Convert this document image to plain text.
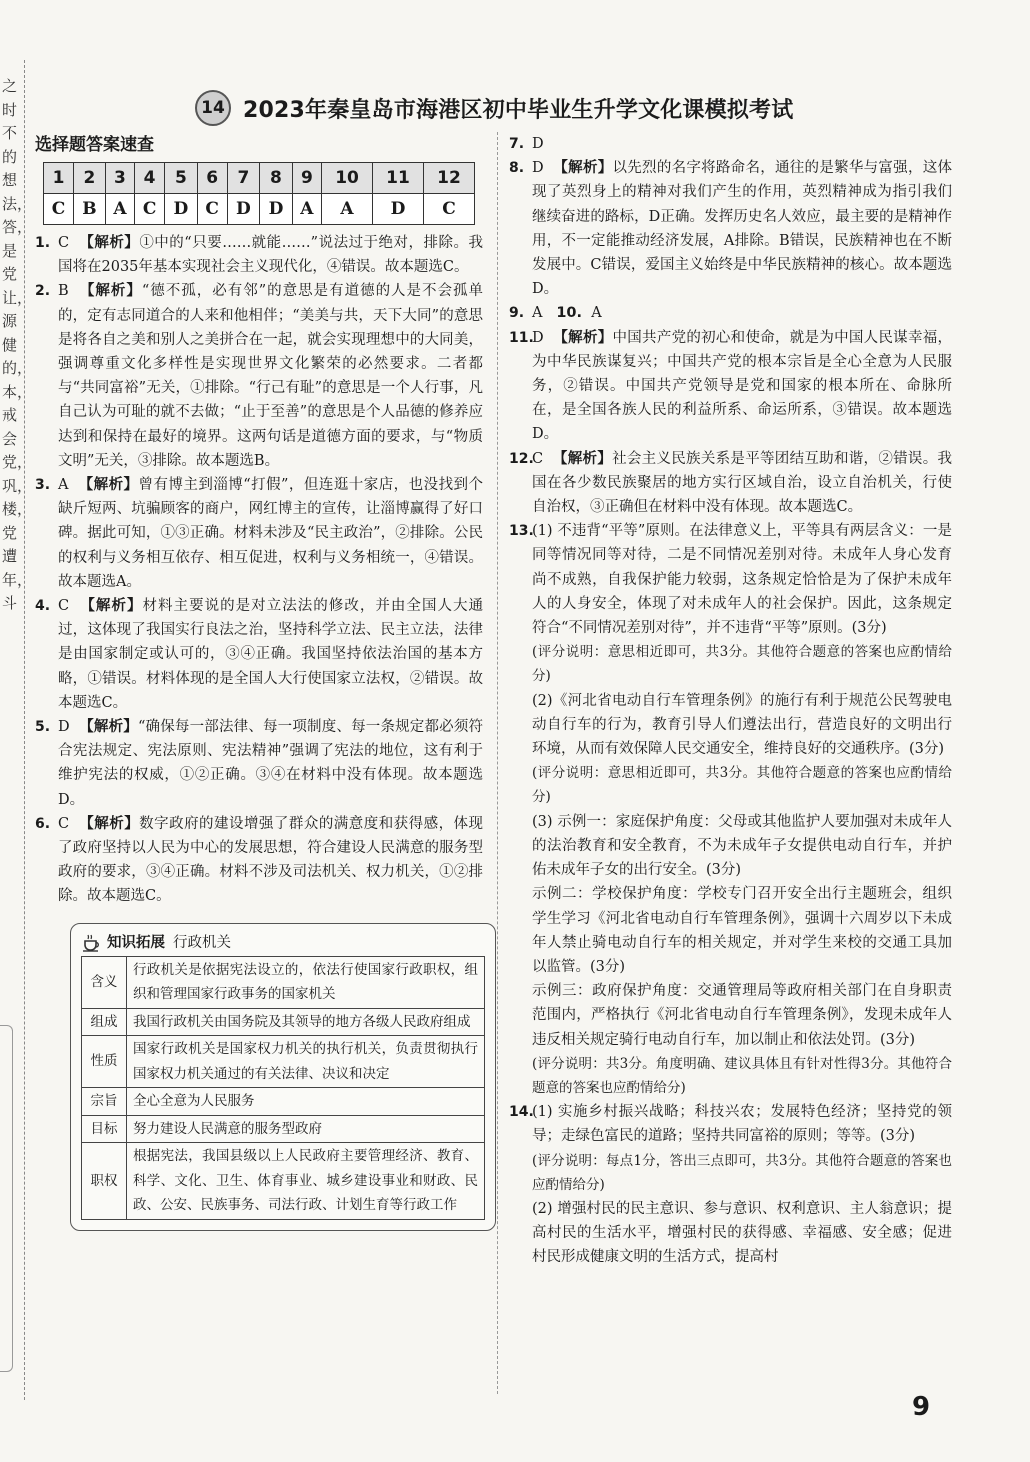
之时不的想法，答，是党让，源健的，本，戒会党，巩，楼，党遭年，斗
14 2023年秦皇岛市海港区初中毕业生升学文化课模拟考试
选择题答案速查
1	2	3	4	5	6	7	8	9	10	11	12
C	B	A	C	D	C	D	D	A	A	D	C
1. C 【解析】①中的“只要……就能……”说法过于绝对，排除。我国将在2035年基本实现社会主义现代化，④错误。故本题选C。
2. B 【解析】“德不孤，必有邻”的意思是有道德的人是不会孤单的，定有志同道合的人来和他相伴；“美美与共，天下大同”的意思是将各自之美和别人之美拼合在一起，就会实现理想中的大同美，强调尊重文化多样性是实现世界文化繁荣的必然要求。二者都与“共同富裕”无关，①排除。“行己有耻”的意思是一个人行事，凡自己认为可耻的就不去做；“止于至善”的意思是个人品德的修养应达到和保持在最好的境界。这两句话是道德方面的要求，与“物质文明”无关，③排除。故本题选B。
3. A 【解析】曾有博主到淄博“打假”，但连逛十家店，也没找到个缺斤短两、坑骗顾客的商户，网红博主的宣传，让淄博赢得了好口碑。据此可知，①③正确。材料未涉及“民主政治”，②排除。公民的权利与义务相互依存、相互促进，权利与义务相统一，④错误。故本题选A。
4. C 【解析】材料主要说的是对立法法的修改，并由全国人大通过，这体现了我国实行良法之治，坚持科学立法、民主立法，法律是由国家制定或认可的，③④正确。我国坚持依法治国的基本方略，①错误。材料体现的是全国人大行使国家立法权，②错误。故本题选C。
5. D 【解析】“确保每一部法律、每一项制度、每一条规定都必须符合宪法规定、宪法原则、宪法精神”强调了宪法的地位，这有利于维护宪法的权威，①②正确。③④在材料中没有体现。故本题选D。
6. C 【解析】数字政府的建设增强了群众的满意度和获得感，体现了政府坚持以人民为中心的发展思想，符合建设人民满意的服务型政府的要求，③④正确。材料不涉及司法机关、权力机关，①②排除。故本题选C。
知识拓展 行政机关
含义	行政机关是依据宪法设立的，依法行使国家行政职权，组织和管理国家行政事务的国家机关
组成	我国行政机关由国务院及其领导的地方各级人民政府组成
性质	国家行政机关是国家权力机关的执行机关，负责贯彻执行国家权力机关通过的有关法律、决议和决定
宗旨	全心全意为人民服务
目标	努力建设人民满意的服务型政府
职权	根据宪法，我国县级以上人民政府主要管理经济、教育、科学、文化、卫生、体育事业、城乡建设事业和财政、民政、公安、民族事务、司法行政、计划生育等行政工作
7. D
8. D 【解析】以先烈的名字将路命名，通往的是繁华与富强，这体现了英烈身上的精神对我们产生的作用，英烈精神成为指引我们继续奋进的路标，D正确。发挥历史名人效应，最主要的是精神作用，不一定能推动经济发展，A排除。B错误，民族精神也在不断发展中。C错误，爱国主义始终是中华民族精神的核心。故本题选D。
9. A 10. A
11.
D 【解析】中国共产党的初心和使命，就是为中国人民谋幸福，为中华民族谋复兴；中国共产党的根本宗旨是全心全意为人民服务，②错误。中国共产党领导是党和国家的根本所在、命脉所在，是全国各族人民的利益所系、命运所系，③错误。故本题选D。
12.
C 【解析】社会主义民族关系是平等团结互助和谐，②错误。我国在各少数民族聚居的地方实行区域自治，设立自治机关，行使自治权，③正确但在材料中没有体现。故本题选C。
13.

(1) 不违背“平等”原则。在法律意义上，平等具有两层含义：一是同等情况同等对待，二是不同情况差别对待。未成年人身心发育尚不成熟，自我保护能力较弱，这条规定恰恰是为了保护未成年人的人身安全，体现了对未成年人的社会保护。因此，这条规定符合“不同情况差别对待”，并不违背“平等”原则。(3分)

(评分说明：意思相近即可，共3分。其他符合题意的答案也应酌情给分)

(2)《河北省电动自行车管理条例》的施行有利于规范公民驾驶电动自行车的行为，教育引导人们遵法出行，营造良好的文明出行环境，从而有效保障人民交通安全，维持良好的交通秩序。(3分)

(评分说明：意思相近即可，共3分。其他符合题意的答案也应酌情给分)

(3) 示例一：家庭保护角度：父母或其他监护人要加强对未成年人的法治教育和安全教育，不为未成年子女提供电动自行车，并护佑未成年子女的出行安全。(3分)

示例二：学校保护角度：学校专门召开安全出行主题班会，组织学生学习《河北省电动自行车管理条例》，强调十六周岁以下未成年人禁止骑电动自行车的相关规定，并对学生来校的交通工具加以监管。(3分)

示例三：政府保护角度：交通管理局等政府相关部门在自身职责范围内，严格执行《河北省电动自行车管理条例》，发现未成年人违反相关规定骑行电动自行车，加以制止和依法处罚。(3分)

(评分说明：共3分。角度明确、建议具体且有针对性得3分。其他符合题意的答案也应酌情给分)

14.

(1) 实施乡村振兴战略；科技兴农；发展特色经济；坚持党的领导；走绿色富民的道路；坚持共同富裕的原则；等等。(3分)

(评分说明：每点1分，答出三点即可，共3分。其他符合题意的答案也应酌情给分)

(2) 增强村民的民主意识、参与意识、权利意识、主人翁意识；提高村民的生活水平，增强村民的获得感、幸福感、安全感；促进村民形成健康文明的生活方式，提高村

9
